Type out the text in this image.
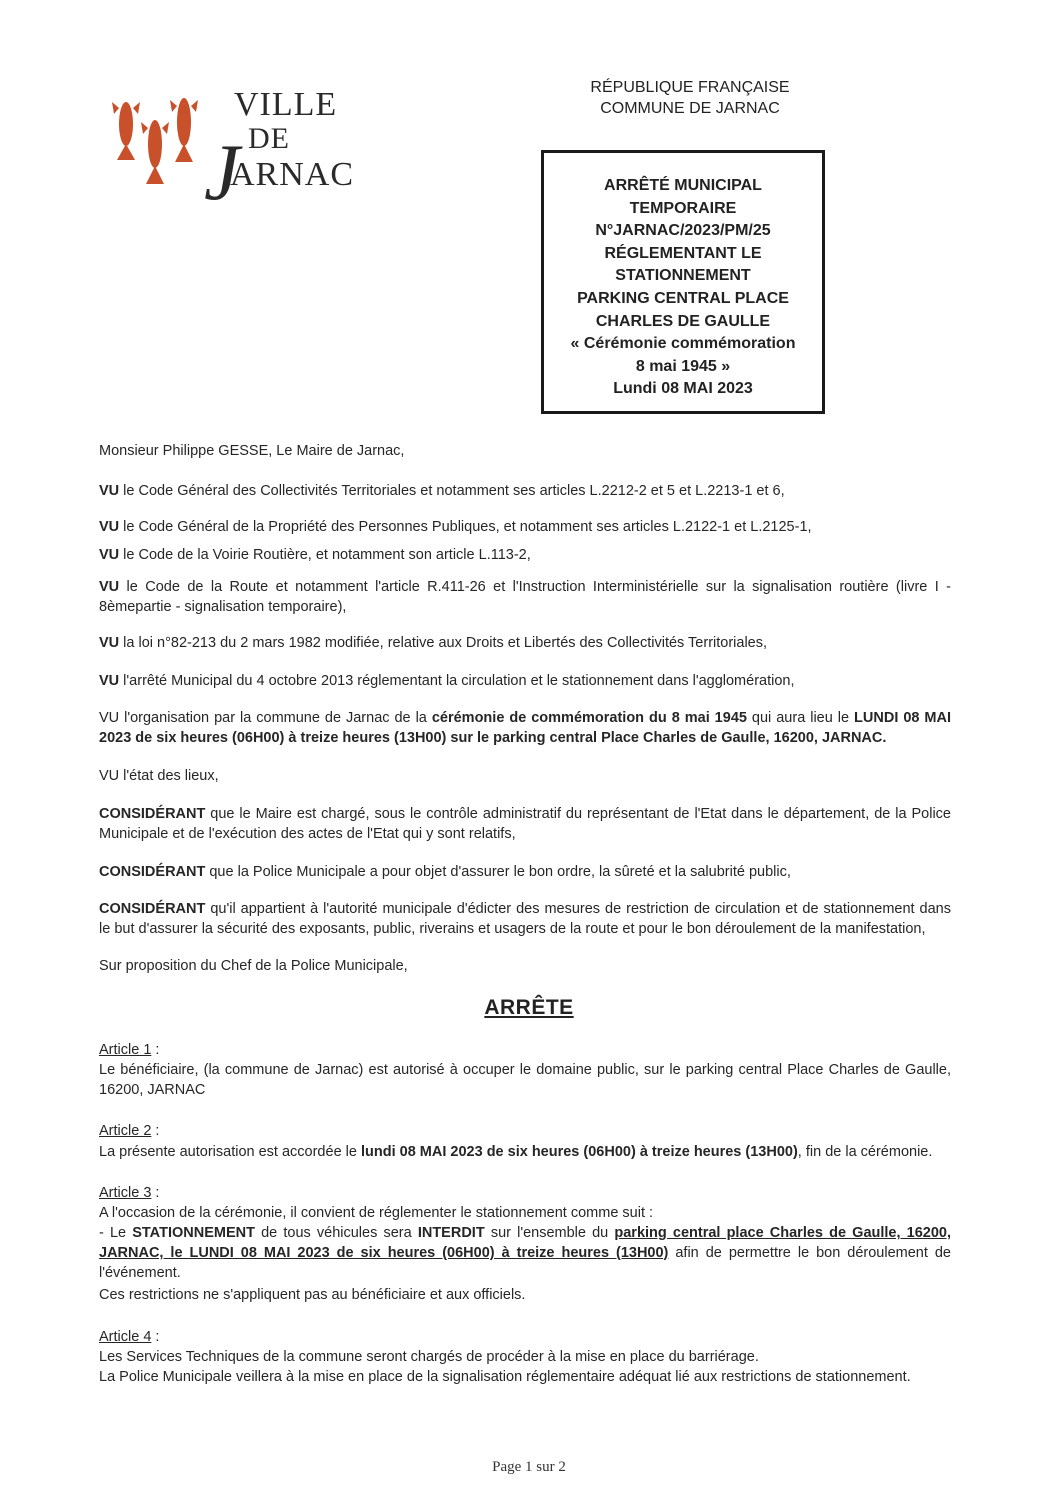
VILLE
DE
J
ARNAC
RÉPUBLIQUE FRANÇAISE
COMMUNE DE JARNAC
ARRÊTÉ MUNICIPAL
TEMPORAIRE
N°JARNAC/2023/PM/25
RÉGLEMENTANT LE
STATIONNEMENT
PARKING CENTRAL PLACE
CHARLES DE GAULLE
« Cérémonie commémoration
8 mai 1945 »
Lundi 08 MAI 2023
Monsieur Philippe GESSE, Le Maire de Jarnac,
VU le Code Général des Collectivités Territoriales et notamment ses articles L.2212-2 et 5 et L.2213-1 et 6,
VU le Code Général de la Propriété des Personnes Publiques, et notamment ses articles L.2122-1 et L.2125-1,
VU le Code de la Voirie Routière, et notamment son article L.113-2,
VU le Code de la Route et notamment l'article R.411-26 et l'Instruction Interministérielle sur la signalisation routière (livre I - 8èmepartie - signalisation temporaire),
VU la loi n°82-213 du 2 mars 1982 modifiée, relative aux Droits et Libertés des Collectivités Territoriales,
VU l'arrêté Municipal du 4 octobre 2013 réglementant la circulation et le stationnement dans l'agglomération,
VU l'organisation par la commune de Jarnac de la cérémonie de commémoration du 8 mai 1945 qui aura lieu le LUNDI 08 MAI 2023 de six heures (06H00) à treize heures (13H00) sur le parking central Place Charles de Gaulle, 16200, JARNAC.
VU l'état des lieux,
CONSIDÉRANT que le Maire est chargé, sous le contrôle administratif du représentant de l'Etat dans le département, de la Police Municipale et de l'exécution des actes de l'Etat qui y sont relatifs,
CONSIDÉRANT que la Police Municipale a pour objet d'assurer le bon ordre, la sûreté et la salubrité public,
CONSIDÉRANT qu'il appartient à l'autorité municipale d'édicter des mesures de restriction de circulation et de stationnement dans le but d'assurer la sécurité des exposants, public, riverains et usagers de la route et pour le bon déroulement de la manifestation,
Sur proposition du Chef de la Police Municipale,
Article 1 :
Le bénéficiaire, (la commune de Jarnac) est autorisé à occuper le domaine public, sur le parking central Place Charles de Gaulle, 16200, JARNAC
Article 2 :
La présente autorisation est accordée le lundi 08 MAI 2023 de six heures (06H00) à treize heures (13H00), fin de la cérémonie.
Article 3 :
A l'occasion de la cérémonie, il convient de réglementer le stationnement comme suit :
- Le STATIONNEMENT de tous véhicules sera INTERDIT sur l'ensemble du parking central place Charles de Gaulle, 16200, JARNAC, le LUNDI 08 MAI 2023 de six heures (06H00) à treize heures (13H00) afin de permettre le bon déroulement de l'événement.
Ces restrictions ne s'appliquent pas au bénéficiaire et aux officiels.
Article 4 :
Les Services Techniques de la commune seront chargés de procéder à la mise en place du barriérage.
La Police Municipale veillera à la mise en place de la signalisation réglementaire adéquat lié aux restrictions de stationnement.
ARRÊTE
Page 1 sur 2
